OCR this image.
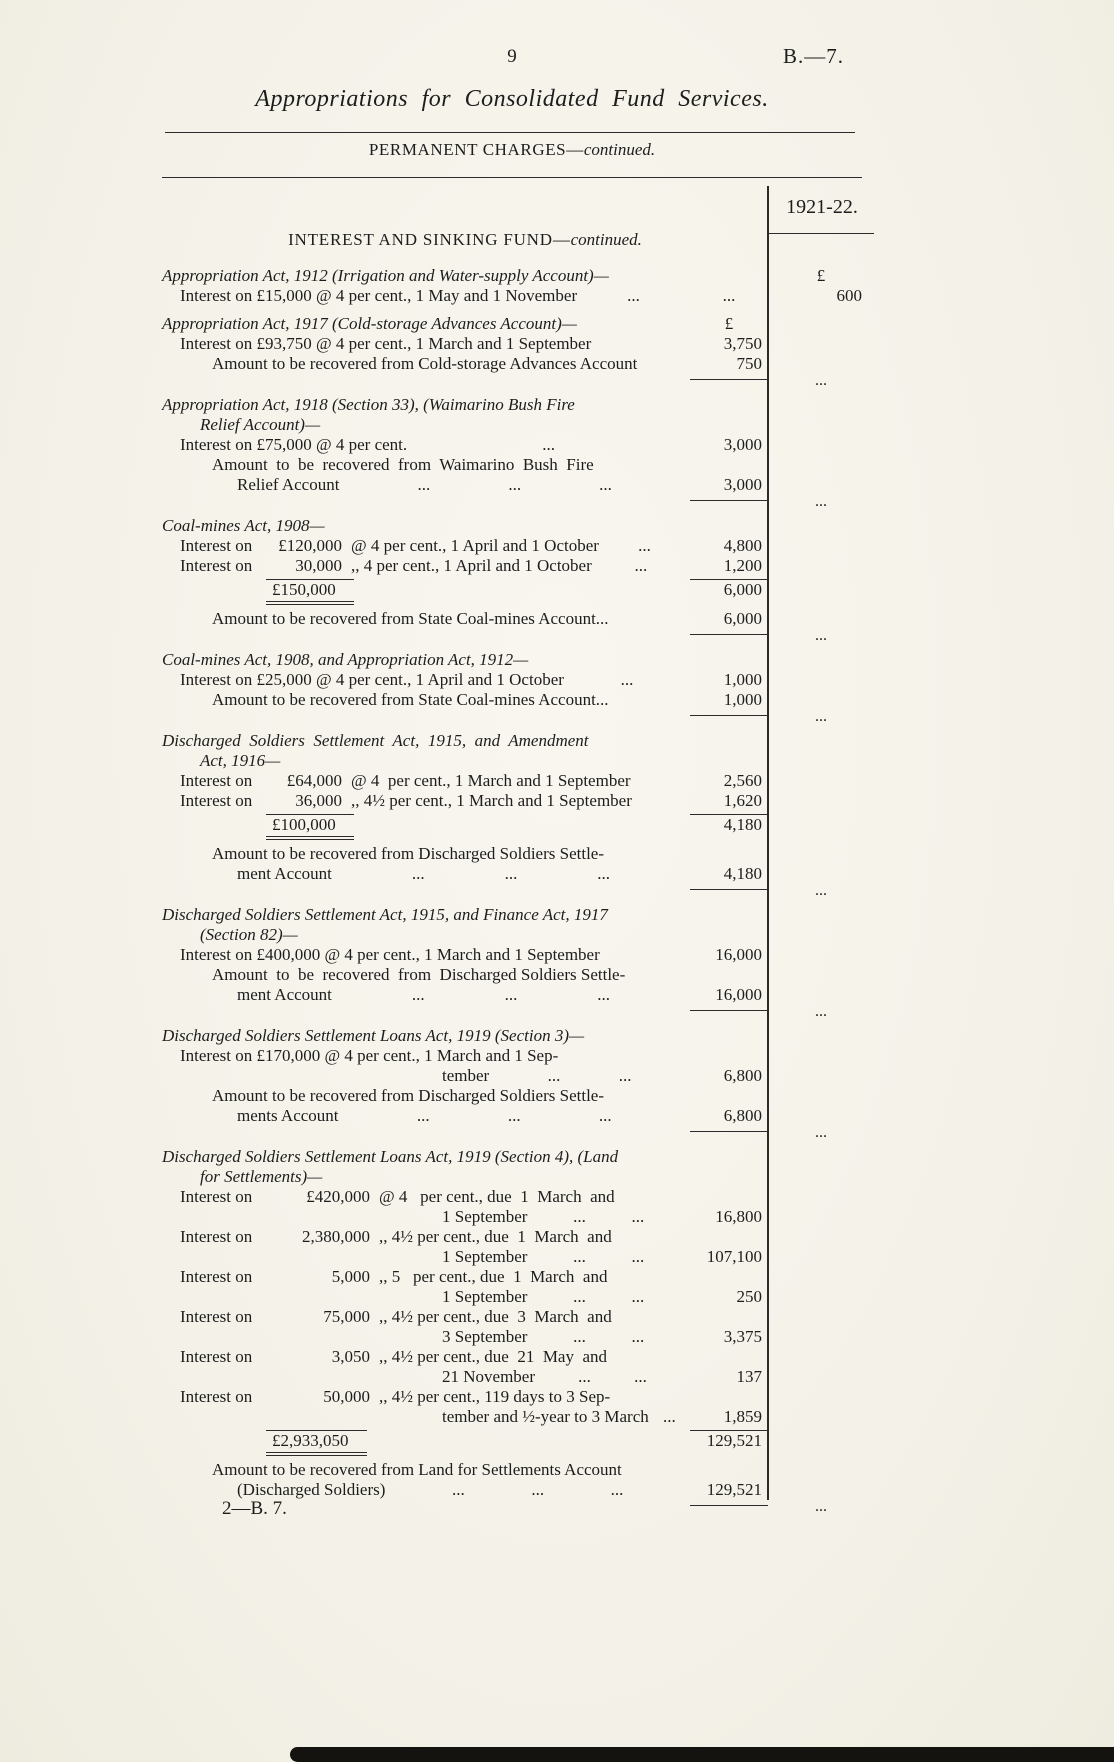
9	B.—7.
Appropriations for Consolidated Fund Services.
PERMANENT CHARGES—continued.
1921-22.
INTEREST AND SINKING FUND—continued.
Appropriation Act, 1912 (Irrigation and Water-supply Account)—	£
Interest on £15,000 @ 4 per cent., 1 May and 1 November	...	...	600
Appropriation Act, 1917 (Cold-storage Advances Account)—	£
Interest on £93,750 @ 4 per cent., 1 March and 1 September	3,750
Amount to be recovered from Cold-storage Advances Account	750
...
Appropriation Act, 1918 (Section 33), (Waimarino Bush Fire
Relief Account)—
Interest on £75,000 @ 4 per cent.	...	3,000
Amount  to  be  recovered  from  Waimarino  Bush  Fire
Relief Account	...	...	...	3,000
...
Coal-mines Act, 1908—
Interest on	£120,000 @ 4 per cent., 1 April and 1 October ...	4,800
Interest on	30,000 ,, 4 per cent., 1 April and 1 October	...	1,200
£150,000	6,000
Amount to be recovered from State Coal-mines Account...	6,000
...
Coal-mines Act, 1908, and Appropriation Act, 1912—
Interest on £25,000 @ 4 per cent., 1 April and 1 October	...	1,000
Amount to be recovered from State Coal-mines Account...	1,000
...
Discharged  Soldiers  Settlement  Act,  1915,  and  Amendment
Act, 1916—
Interest on	£64,000 @ 4  per cent., 1 March and 1 September	2,560
Interest on	36,000 ,, 4½ per cent., 1 March and 1 September	1,620
£100,000	4,180
Amount to be recovered from Discharged Soldiers Settle-
ment Account	...	...	...	4,180
...
Discharged Soldiers Settlement Act, 1915, and Finance Act, 1917
(Section 82)—
Interest on £400,000 @ 4 per cent., 1 March and 1 September	16,000
Amount  to  be  recovered  from  Discharged Soldiers Settle-
ment Account	...	...	...	16,000
...
Discharged Soldiers Settlement Loans Act, 1919 (Section 3)—
Interest on £170,000 @ 4 per cent., 1 March and 1 Sep-
tember	...	...	6,800
Amount to be recovered from Discharged Soldiers Settle-
ments Account	...	...	...	6,800
...
Discharged Soldiers Settlement Loans Act, 1919 (Section 4), (Land
for Settlements)—
Interest on	£420,000 @ 4   per cent., due  1  March  and
1 September	...	...	16,800
Interest on	2,380,000 ,, 4½ per cent., due  1  March  and
1 September	...	...	107,100
Interest on	5,000 ,, 5   per cent., due  1  March  and
1 September	...	...	250
Interest on	75,000 ,, 4½ per cent., due  3  March  and
3 September	...	...	3,375
Interest on	3,050 ,, 4½ per cent., due  21  May  and
21 November	...	...	137
Interest on	50,000 ,, 4½ per cent., 119 days to 3 Sep-
tember and ½-year to 3 March ...	1,859
£2,933,050	129,521
Amount to be recovered from Land for Settlements Account
(Discharged Soldiers)	...	...	...	129,521
...
2—B. 7.
